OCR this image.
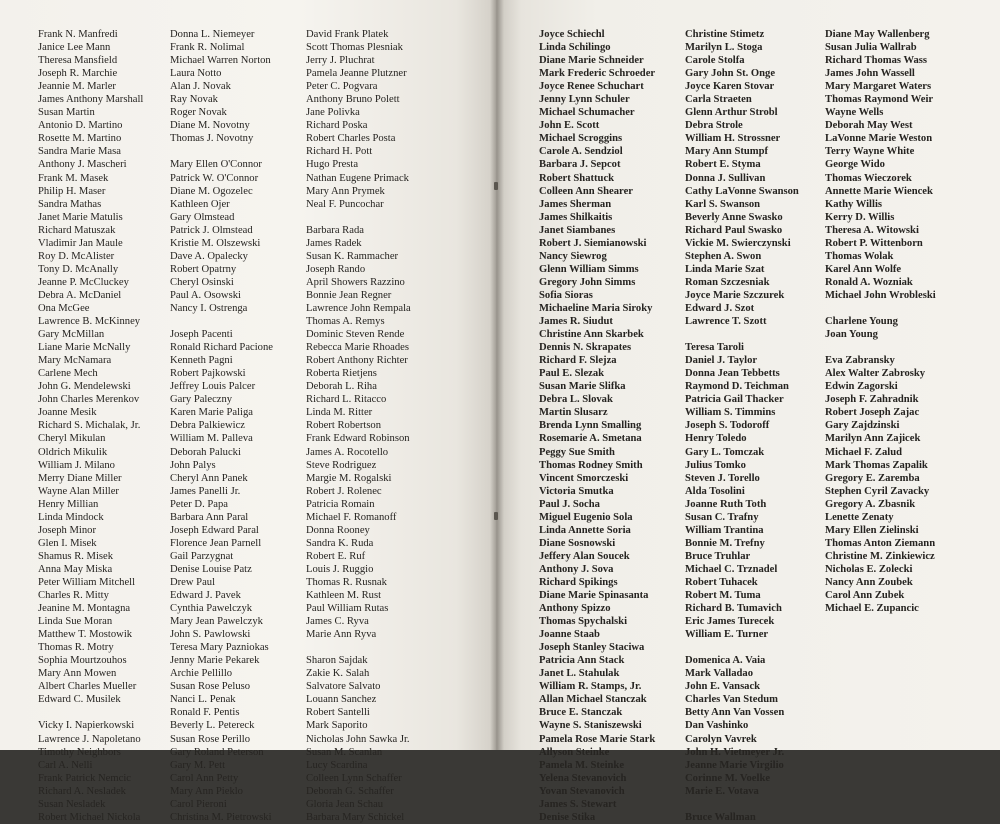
Frank N. Manfredi
Janice Lee Mann
Theresa Mansfield
Joseph R. Marchie
Jeannie M. Marler
James Anthony Marshall
Susan Martin
Antonio D. Martino
Rosette M. Martino
Sandra Marie Masa
Anthony J. Mascheri
Frank M. Masek
Philip H. Maser
Sandra Mathas
Janet Marie Matulis
Richard Matuszak
Vladimir Jan Maule
Roy D. McAlister
Tony D. McAnally
Jeanne P. McCluckey
Debra A. McDaniel
Ona McGee
Lawrence B. McKinney
Gary McMillan
Liane Marie McNally
Mary McNamara
Carlene Mech
John G. Mendelewski
John Charles Merenkov
Joanne Mesik
Richard S. Michalak, Jr.
Cheryl Mikulan
Oldrich Mikulik
William J. Milano
Merry Diane Miller
Wayne Alan Miller
Henry Millian
Linda Mindock
Joseph Minor
Glen I. Misek
Shamus R. Misek
Anna May Miska
Peter William Mitchell
Charles R. Mitty
Jeanine M. Montagna
Linda Sue Moran
Matthew T. Mostowik
Thomas R. Motry
Sophia Mourtzouhos
Mary Ann Mowen
Albert Charles Mueller
Edward C. Musilek
Vicky I. Napierkowski
Lawrence J. Napoletano
Timothy Neighbors
Carl A. Nelli
Frank Patrick Nemcic
Richard A. Nesladek
Susan Nesladek
Robert Michael Nickola
Donna L. Niemeyer
Frank R. Nolimal
Michael Warren Norton
Laura Notto
Alan J. Novak
Ray Novak
Roger Novak
Diane M. Novotny
Thomas J. Novotny
Mary Ellen O'Connor
Patrick W. O'Connor
Diane M. Ogozelec
Kathleen Ojer
Gary Olmstead
Patrick J. Olmstead
Kristie M. Olszewski
Dave A. Opalecky
Robert Opatrny
Cheryl Osinski
Paul A. Osowski
Nancy I. Ostrenga
Joseph Pacenti
Ronald Richard Pacione
Kenneth Pagni
Robert Pajkowski
Jeffrey Louis Palcer
Gary Paleczny
Karen Marie Paliga
Debra Palkiewicz
William M. Palleva
Deborah Palucki
John Palys
Cheryl Ann Panek
James Panelli Jr.
Peter D. Papa
Barbara Ann Paral
Joseph Edward Paral
Florence Jean Parnell
Gail Parzygnat
Denise Louise Patz
Drew Paul
Edward J. Pavek
Cynthia Pawelczyk
Mary Jean Pawelczyk
John S. Pawlowski
Teresa Mary Pazniokas
Jenny Marie Pekarek
Archie Pellillo
Susan Rose Peluso
Nanci L. Penak
Ronald F. Pentis
Beverly L. Petereck
Susan Rose Perillo
Gary Roland Peterson
Gary M. Pett
Carol Ann Petty
Mary Ann Pieklo
Carol Pieroni
Christina M. Pietrowski
David Frank Platek
Scott Thomas Plesniak
Jerry J. Pluchrat
Pamela Jeanne Plutzner
Peter C. Pogvara
Anthony Bruno Polett
Jane Polivka
Richard Poska
Robert Charles Posta
Richard H. Pott
Hugo Presta
Nathan Eugene Primack
Mary Ann Prymek
Neal F. Puncochar
Barbara Rada
James Radek
Susan K. Rammacher
Joseph Rando
April Showers Razzino
Bonnie Jean Regner
Lawrence John Rempala
Thomas A. Remys
Dominic Steven Rende
Rebecca Marie Rhoades
Robert Anthony Richter
Roberta Rietjens
Deborah L. Riha
Richard L. Ritacco
Linda M. Ritter
Robert Robertson
Frank Edward Robinson
James A. Rocotello
Steve Rodriguez
Margie M. Rogalski
Robert J. Rolenec
Patricia Romain
Michael F. Romanoff
Donna Rooney
Sandra K. Ruda
Robert E. Ruf
Louis J. Ruggio
Thomas R. Rusnak
Kathleen M. Rust
Paul William Rutas
James C. Ryva
Marie Ann Ryva
Sharon Sajdak
Zakie K. Salah
Salvatore Salvato
Louann Sanchez
Robert Santelli
Mark Saporito
Nicholas John Sawka Jr.
Susan M. Scanlan
Lucy Scardina
Colleen Lynn Schaffer
Deborah G. Schaffer
Gloria Jean Schau
Barbara Mary Schickel
Joyce Schiechl
Linda Schilingo
Diane Marie Schneider
Mark Frederic Schroeder
Joyce Renee Schuchart
Jenny Lynn Schuler
Michael Schumacher
John E. Scott
Michael Scroggins
Carole A. Sendziol
Barbara J. Sepcot
Robert Shattuck
Colleen Ann Shearer
James Sherman
James Shilkaitis
Janet Siambanes
Robert J. Siemianowski
Nancy Siewrog
Glenn William Simms
Gregory John Simms
Sofia Sioras
Michaeline Maria Siroky
James R. Siudut
Christine Ann Skarbek
Dennis N. Skrapates
Richard F. Slejza
Paul E. Slezak
Susan Marie Slifka
Debra L. Slovak
Martin Slusarz
Brenda Lynn Smalling
Rosemarie A. Smetana
Peggy Sue Smith
Thomas Rodney Smith
Vincent Smorczeski
Victoria Smutka
Paul J. Socha
Miguel Eugenio Sola
Linda Annette Soria
Diane Sosnowski
Jeffery Alan Soucek
Anthony J. Sova
Richard Spikings
Diane Marie Spinasanta
Anthony Spizzo
Thomas Spychalski
Joanne Staab
Joseph Stanley Staciwa
Patricia Ann Stack
Janet L. Stahulak
William R. Stamps, Jr.
Allan Michael Stanczak
Bruce E. Stanczak
Wayne S. Staniszewski
Pamela Rose Marie Stark
Allyson Steinke
Pamela M. Steinke
Yelena Stevanovich
Yovan Stevanovich
James S. Stewart
Denise Stika
Christine Stimetz
Marilyn L. Stoga
Carole Stolfa
Gary John St. Onge
Joyce Karen Stovar
Carla Straeten
Glenn Arthur Strobl
Debra Strole
William H. Strossner
Mary Ann Stumpf
Robert E. Styma
Donna J. Sullivan
Cathy LaVonne Swanson
Karl S. Swanson
Beverly Anne Swasko
Richard Paul Swasko
Vickie M. Swierczynski
Stephen A. Swon
Linda Marie Szat
Roman Szczesniak
Joyce Marie Szczurek
Edward J. Szot
Lawrence T. Szott
Teresa Taroli
Daniel J. Taylor
Donna Jean Tebbetts
Raymond D. Teichman
Patricia Gail Thacker
William S. Timmins
Joseph S. Todoroff
Henry Toledo
Gary L. Tomczak
Julius Tomko
Steven J. Torello
Alda Tosolini
Joanne Ruth Toth
Susan C. Trafny
William Trantina
Bonnie M. Trefny
Bruce Truhlar
Michael C. Trznadel
Robert Tuhacek
Robert M. Tuma
Richard B. Tumavich
Eric James Turecek
William E. Turner
Domenica A. Vaia
Mark Valladao
John E. Vansack
Charles Van Stedum
Betty Ann Van Vossen
Dan Vashinko
Carolyn Vavrek
John H. Vietmeyer Jr.
Jeanne Marie Virgilio
Corinne M. Voelke
Marie E. Votava
Bruce Wallman
Diane May Wallenberg
Susan Julia Wallrab
Richard Thomas Wass
James John Wassell
Mary Margaret Waters
Thomas Raymond Weir
Wayne Wells
Deborah May West
LaVonne Marie Weston
Terry Wayne White
George Wido
Thomas Wieczorek
Annette Marie Wiencek
Kathy Willis
Kerry D. Willis
Theresa A. Witowski
Robert P. Wittenborn
Thomas Wolak
Karel Ann Wolfe
Ronald A. Wozniak
Michael John Wrobleski
Charlene Young
Joan Young
Eva Zabransky
Alex Walter Zabrosky
Edwin Zagorski
Joseph F. Zahradnik
Robert Joseph Zajac
Gary Zajdzinski
Marilyn Ann Zajicek
Michael F. Zalud
Mark Thomas Zapalik
Gregory E. Zaremba
Stephen Cyril Zavacky
Gregory A. Zbasnik
Lenette Zenaty
Mary Ellen Zielinski
Thomas Anton Ziemann
Christine M. Zinkiewicz
Nicholas E. Zolecki
Nancy Ann Zoubek
Carol Ann Zubek
Michael E. Zupancic
